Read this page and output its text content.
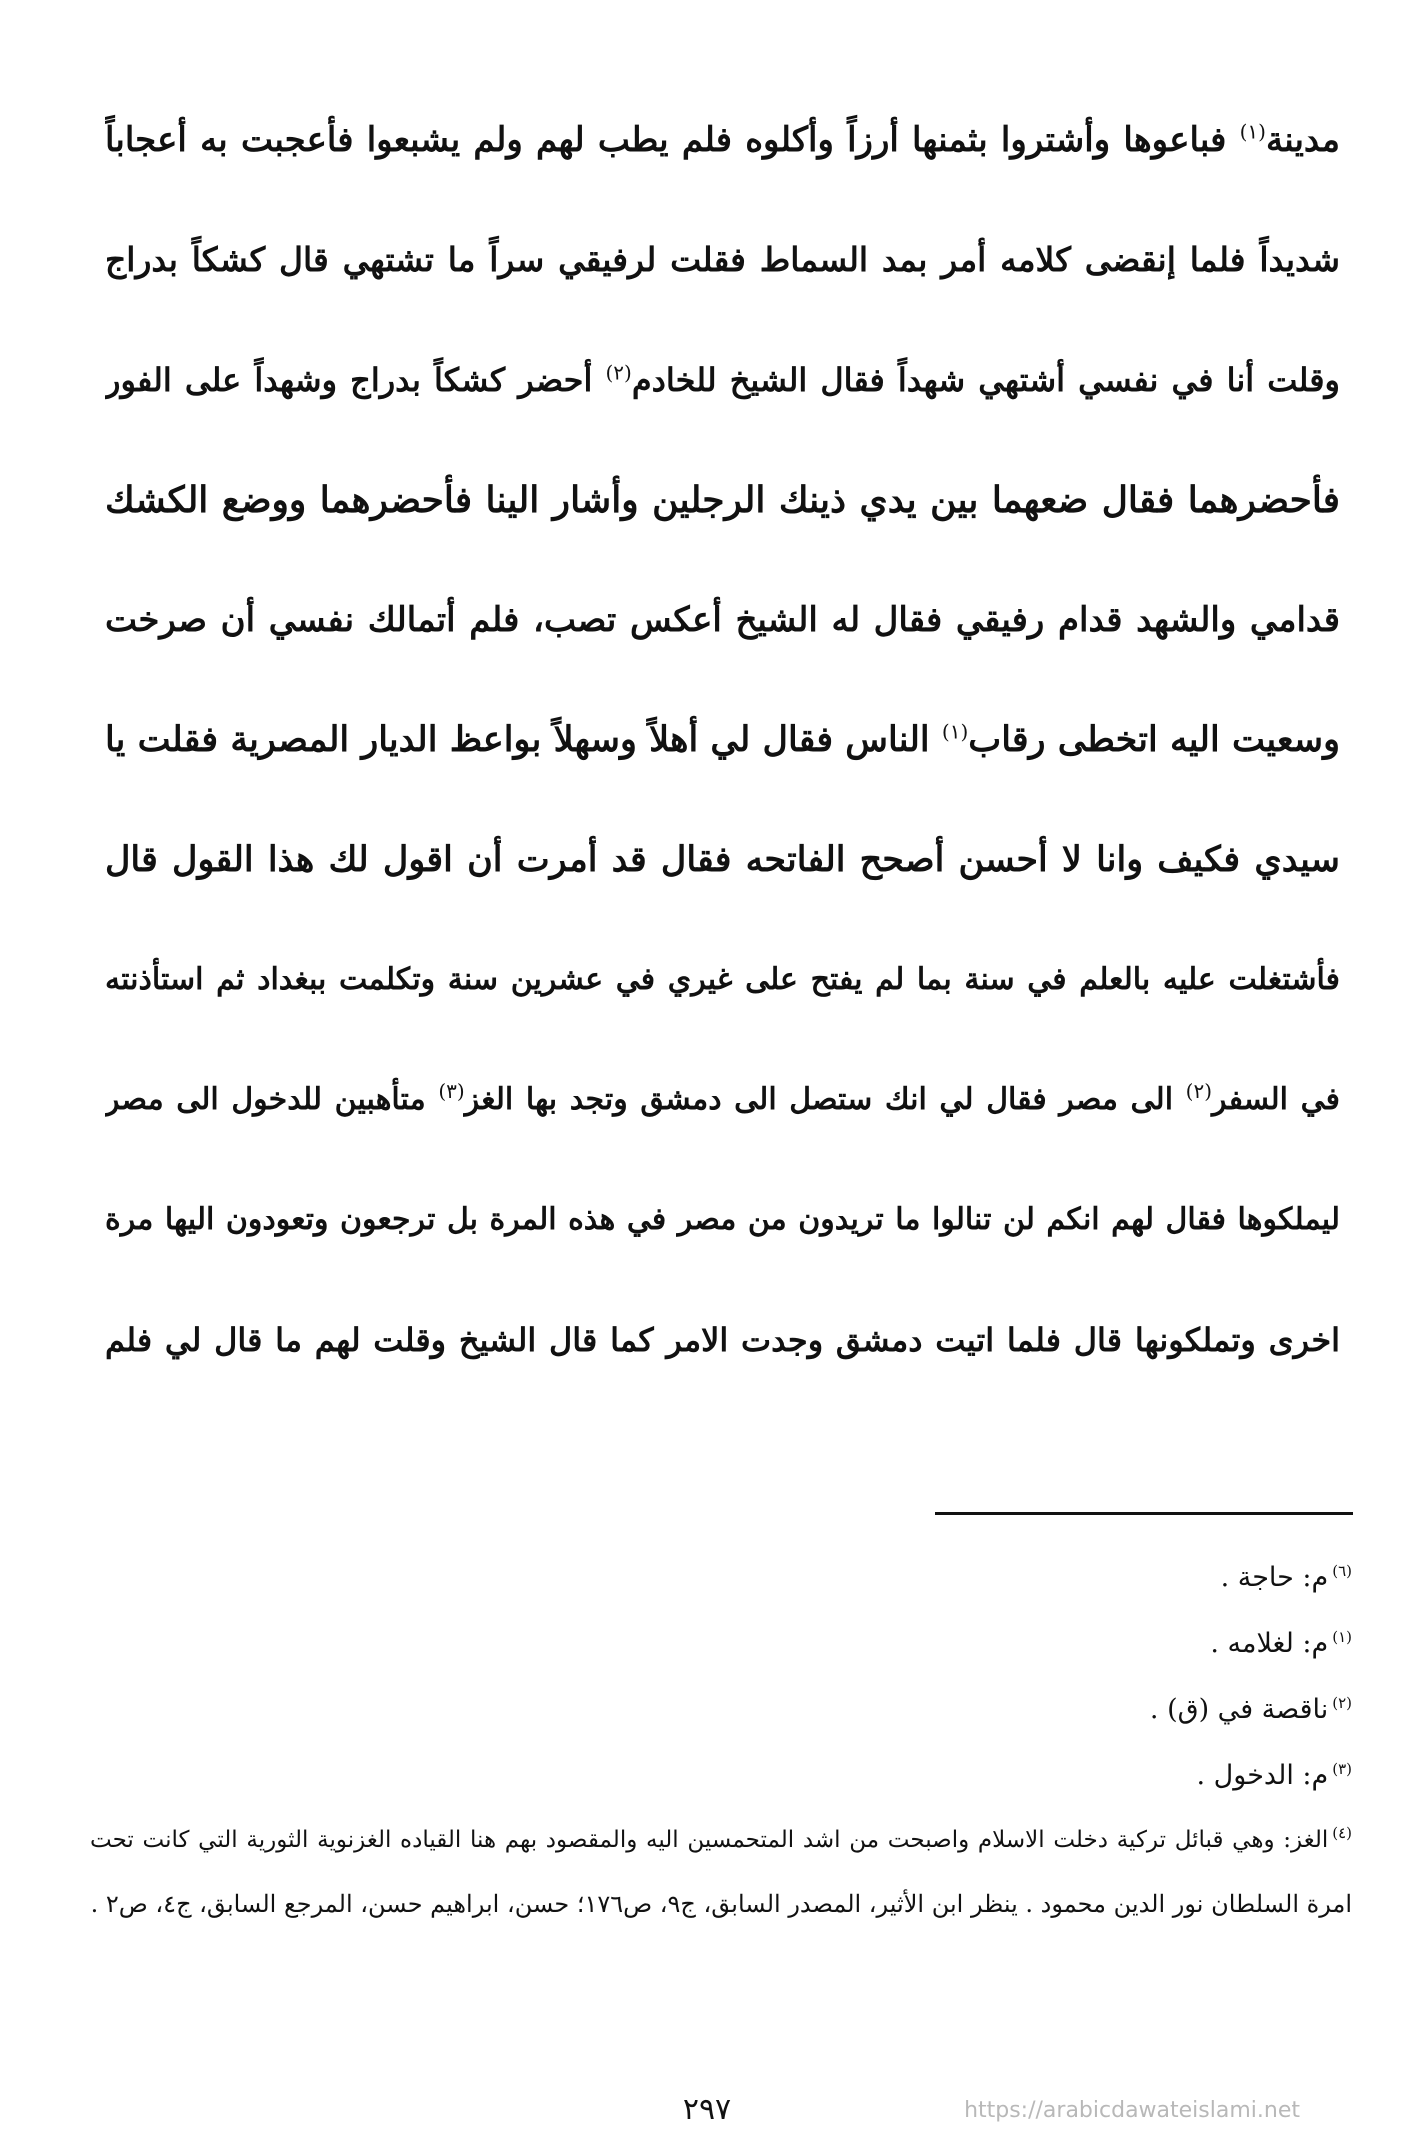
مدينة$^{(١)}$ فباعوها وأشتروا بثمنها أرزاً وأكلوه فلم يطب لهم ولم يشبعوا فأعجبت به أعجاباً
شديداً فلما إنقضى كلامه أمر بمد السماط فقلت لرفيقي سراً ما تشتهي قال كشكاً بدراج
وقلت أنا في نفسي أشتهي شهداً فقال الشيخ للخادم$^{(٢)}$ أحضر كشكاً بدراج وشهداً على الفور
فأحضرهما فقال ضعهما بين يدي ذينك الرجلين وأشار الينا فأحضرهما ووضع الكشك
قدامي والشهد قدام رفيقي فقال له الشيخ أعكس تصب، فلم أتمالك نفسي أن صرخت
وسعيت اليه اتخطى رقاب$^{(١)}$ الناس فقال لي أهلاً وسهلاً بواعظ الديار المصرية فقلت يا
سيدي فكيف وانا لا أحسن أصحح الفاتحه فقال قد أمرت أن اقول لك هذا القول قال
فأشتغلت عليه بالعلم في سنة بما لم يفتح على غيري في عشرين سنة وتكلمت ببغداد ثم استأذنته
في السفر$^{(٢)}$ الى مصر فقال لي انك ستصل الى دمشق وتجد بها الغز$^{(٣)}$ متأهبين للدخول الى مصر
ليملكوها فقال لهم انكم لن تنالوا ما تريدون من مصر في هذه المرة بل ترجعون وتعودون اليها مرة
اخرى وتملكونها قال فلما اتيت دمشق وجدت الامر كما قال الشيخ وقلت لهم ما قال لي فلم
$^{(٦)}$م: حاجة .
$^{(١)}$م: لغلامه .
$^{(٢)}$ناقصة في (ق) .
$^{(٣)}$م: الدخول .
$^{(٤)}$الغز: وهي قبائل تركية دخلت الاسلام واصبحت من اشد المتحمسين اليه والمقصود بهم هنا القياده الغزنوية الثورية التي كانت تحت
امرة السلطان نور الدين محمود . ينظر ابن الأثير، المصدر السابق، ج٩، ص١٧٦؛ حسن، ابراهيم حسن، المرجع السابق، ج٤، ص٢ .
٢٩٧	https://arabicdawateislami.net
